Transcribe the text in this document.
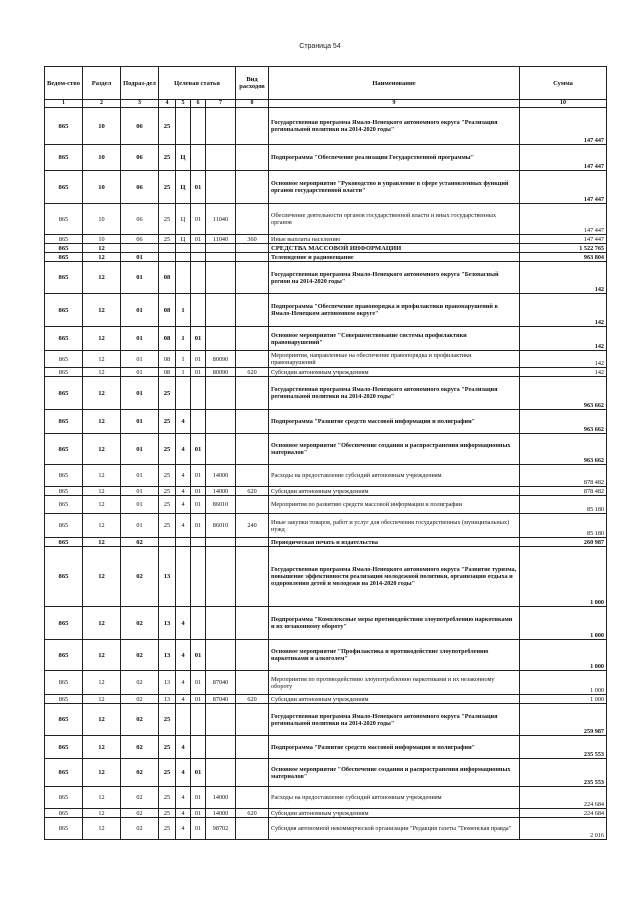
Страница 54
Ведом-ство	Раздел	Подраз-дел	Целевая статья				Вид расходов	Наименование	Сумма
1	2	3	4	5	6	7	8	9	10
865	10	06	25					Государственная программа Ямало-Ненецкого автономного округа "Реализация региональной политики на 2014-2020 годы"	147 447
865	10	06	25	Ц				Подпрограмма "Обеспечение реализации Государственной программы"	147 447
865	10	06	25	Ц	01			Основное мероприятие "Руководство и управление в сфере установленных функций органов государственной власти"	147 447
865	10	06	25	Ц	01	11040		Обеспечение деятельности органов государственной власти и иных государственных органов	147 447
865	10	06	25	Ц	01	11040	360	Иные выплаты населению	147 447
865	12							СРЕДСТВА МАССОВОЙ ИНФОРМАЦИИ	1 522 765
865	12	01						Телевидение и радиовещание	963 804
865	12	01	08					Государственная программа Ямало-Ненецкого автономного округа "Безопасный регион на 2014-2020 годы"	142
865	12	01	08	1				Подпрограмма "Обеспечение правопорядка и профилактики правонарушений в Ямало-Ненецком автономном округе"	142
865	12	01	08	1	01			Основное мероприятие "Совершенствование системы профилактики правонарушений"	142
865	12	01	08	1	01	80090		Мероприятия, направленные на обеспечение правопорядка и профилактики правонарушений	142
865	12	01	08	1	01	80090	620	Субсидии автономным учреждениям	142
865	12	01	25					Государственная программа Ямало-Ненецкого автономного округа "Реализация региональной политики на 2014-2020 годы"	963 662
865	12	01	25	4				Подпрограмма "Развитие средств массовой информации и полиграфии"	963 662
865	12	01	25	4	01			Основное мероприятие "Обеспечение создания и распространения информационных материалов"	963 662
865	12	01	25	4	01	14000		Расходы на предоставление субсидий автономным учреждениям	878 482
865	12	01	25	4	01	14000	620	Субсидии автономным учреждениям	878 482
865	12	01	25	4	01	86010		Мероприятия по развитию средств массовой информации и полиграфии	85 180
865	12	01	25	4	01	86010	240	Иные закупки товаров, работ и услуг для обеспечения государственных (муниципальных) нужд	85 180
865	12	02						Периодическая печать и издательства	260 987
865	12	02	13					Государственная программа Ямало-Ненецкого автономного округа "Развитие туризма, повышение эффективности реализации молодежной политики, организация отдыха и оздоровления детей и молодежи на 2014-2020 годы"	1 000
865	12	02	13	4				Подпрограмма "Комплексные меры противодействия злоупотреблению наркотиками и их незаконному обороту"	1 000
865	12	02	13	4	01			Основное мероприятие "Профилактика и противодействие злоупотреблению наркотиками и алкоголем"	1 000
865	12	02	13	4	01	87040		Мероприятия по противодействию злоупотреблению наркотиками и их незаконному обороту	1 000
865	12	02	13	4	01	87040	620	Субсидии автономным учреждениям	1 000
865	12	02	25					Государственная программа Ямало-Ненецкого автономного округа "Реализация региональной политики на 2014-2020 годы"	259 987
865	12	02	25	4				Подпрограмма "Развитие средств массовой информации и полиграфии"	235 553
865	12	02	25	4	01			Основное мероприятие "Обеспечение создания и распространения информационных материалов"	235 553
865	12	02	25	4	01	14000		Расходы на предоставление субсидий автономным учреждениям	224 684
865	12	02	25	4	01	14000	620	Субсидии автономным учреждениям	224 684
865	12	02	25	4	01	98702		Субсидия автономной некоммерческой организации "Редакция газеты "Тюменская правда"	2 016
